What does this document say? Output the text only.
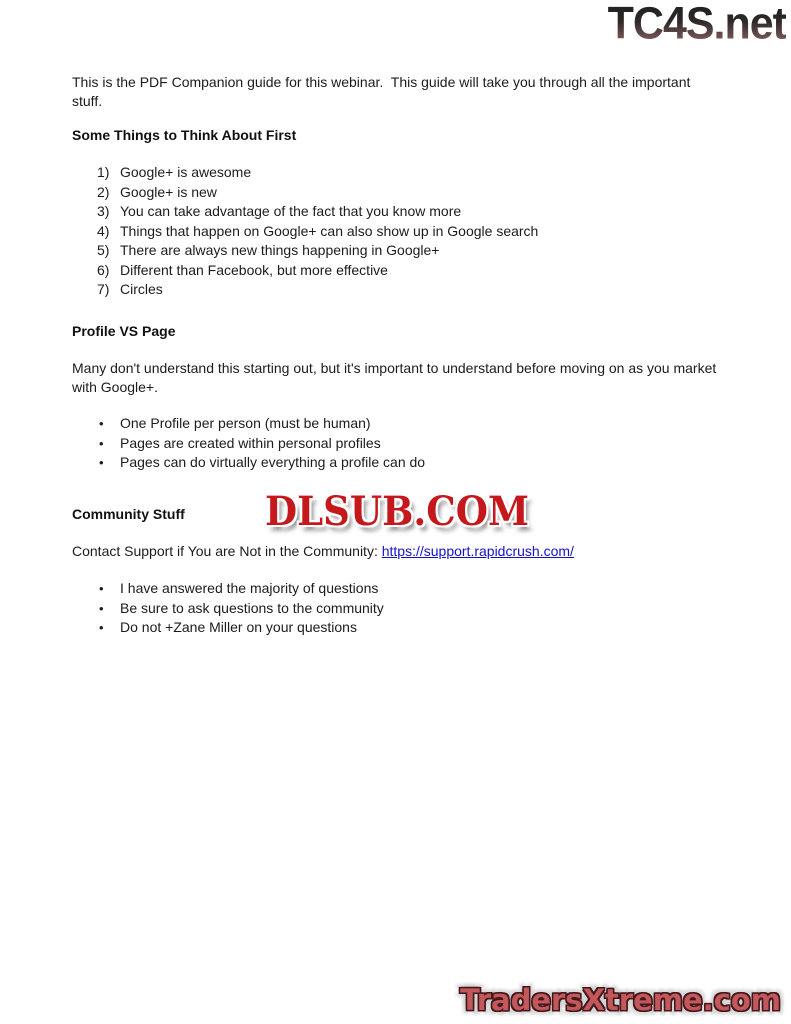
TC4S.net
This is the PDF Companion guide for this webinar.  This guide will take you through all the important stuff.
Some Things to Think About First
1) Google+ is awesome
2) Google+ is new
3) You can take advantage of the fact that you know more
4) Things that happen on Google+ can also show up in Google search
5) There are always new things happening in Google+
6) Different than Facebook, but more effective
7) Circles
Profile VS Page
Many don't understand this starting out, but it's important to understand before moving on as you market with Google+.
•	One Profile per person (must be human)
•	Pages are created within personal profiles
•	Pages can do virtually everything a profile can do
Community Stuff DLSUB.COM
Contact Support if You are Not in the Community: https://support.rapidcrush.com/
•	I have answered the majority of questions
•	Be sure to ask questions to the community
•	Do not +Zane Miller on your questions
TradersXtreme.com
